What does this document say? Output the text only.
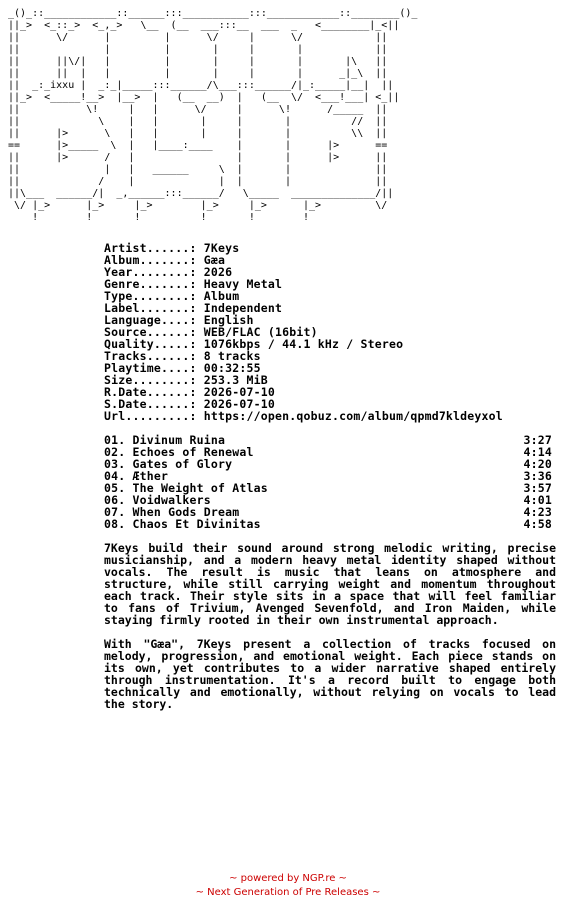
_()_::____________::______:::___________:::____________::________()_
||_>  <_::_>  <_,_>   \__  (__  ___:::__  ___  _   <________|_<||
||      \/      |         |      \/     |      \/            ||
||              |         |       |     |       |            ||
||      ||\/|   |         |       |     |       |       |\   ||
||      ||  |   |         |       |     |       |      _|_\  ||
||  _:_ixxu |  _:_|_____:::______/\___:::______/|_:_____|__|  ||
||_>  <_____!__>  |__>  |   (__  __)  |   (__  \/  <___!___| <_||
||           \!     |   |      \/     |      \!      /_____  ||
||             \    |   |       |     |       |          //  ||
||      |>      \   |   |       |     |       |          \\  ||
==      |>_____  \  |   |____:____    |       |      |>      ==
||      |>      /   |                 |       |      |>      ||
||              |   |   ______     \  |       |              ||
||             /    |              |  |       |              ||
||\___  ______/|  _,______:::______/   \_____  ______________/||
\/ |_>      |_>     |_>        |_>     |_>      |_>         \/
!        !       !          !       !        !
Artist......: 7Keys
Album.......: Gæa
Year........: 2026
Genre.......: Heavy Metal
Type........: Album
Label.......: Independent
Language....: English
Source......: WEB/FLAC (16bit)
Quality.....: 1076kbps / 44.1 kHz / Stereo
Tracks......: 8 tracks
Playtime....: 00:32:55
Size........: 253.3 MiB
R.Date......: 2026-07-10
S.Date......: 2026-07-10
Url.........: https://open.qobuz.com/album/qpmd7kldeyxol
01. Divinum Ruina	3:27
02. Echoes of Renewal	4:14
03. Gates of Glory	4:20
04. Æther	3:36
05. The Weight of Atlas	3:57
06. Voidwalkers	4:01
07. When Gods Dream	4:23
08. Chaos Et Divinitas	4:58
7Keys build their sound around strong melodic writing, precise musicianship, and a modern heavy metal identity shaped without vocals. The result is music that leans on atmosphere and structure, while still carrying weight and momentum throughout each track. Their style sits in a space that will feel familiar to fans of Trivium, Avenged Sevenfold, and Iron Maiden, while staying firmly rooted in their own instrumental approach.
With "Gæa", 7Keys present a collection of tracks focused on melody, progression, and emotional weight. Each piece stands on its own, yet contributes to a wider narrative shaped entirely through instrumentation. It's a record built to engage both technically and emotionally, without relying on vocals to lead the story.
~ powered by NGP.re ~
~ Next Generation of Pre Releases ~
